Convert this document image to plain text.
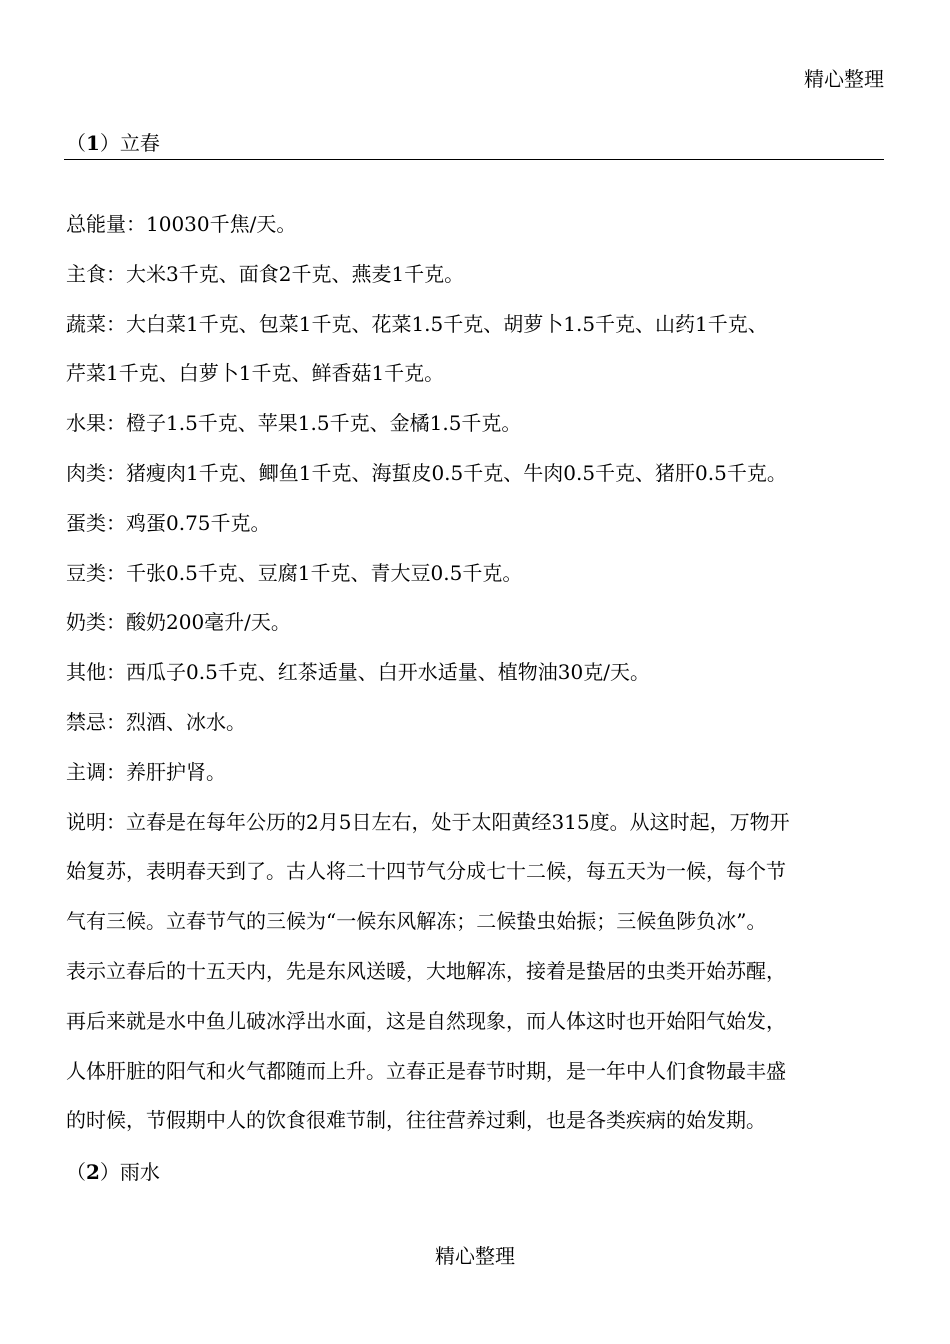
精心整理
（1）立春
总能量：10030千焦/天。
主食：大米3千克、面食2千克、燕麦1千克。
蔬菜：大白菜1千克、包菜1千克、花菜1.5千克、胡萝卜1.5千克、山药1千克、
芹菜1千克、白萝卜1千克、鲜香菇1千克。
水果：橙子1.5千克、苹果1.5千克、金橘1.5千克。
肉类：猪瘦肉1千克、鲫鱼1千克、海蜇皮0.5千克、牛肉0.5千克、猪肝0.5千克。
蛋类：鸡蛋0.75千克。
豆类：千张0.5千克、豆腐1千克、青大豆0.5千克。
奶类：酸奶200毫升/天。
其他：西瓜子0.5千克、红茶适量、白开水适量、植物油30克/天。
禁忌：烈酒、冰水。
主调：养肝护肾。
说明：立春是在每年公历的2月5日左右，处于太阳黄经315度。从这时起，万物开
始复苏，表明春天到了。古人将二十四节气分成七十二候，每五天为一候，每个节
气有三候。立春节气的三候为“一候东风解冻；二候蛰虫始振；三候鱼陟负冰”。
表示立春后的十五天内，先是东风送暖，大地解冻，接着是蛰居的虫类开始苏醒，
再后来就是水中鱼儿破冰浮出水面，这是自然现象，而人体这时也开始阳气始发，
人体肝脏的阳气和火气都随而上升。立春正是春节时期，是一年中人们食物最丰盛
的时候，节假期中人的饮食很难节制，往往营养过剩，也是各类疾病的始发期。
（2）雨水
精心整理
